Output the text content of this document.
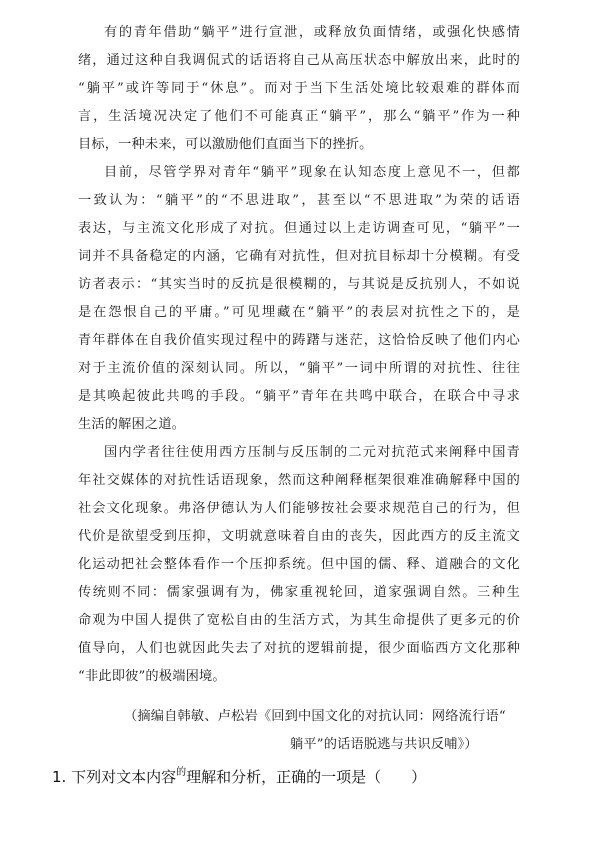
有的青年借助“躺平”进行宣泄，或释放负面情绪，或强化快感情
绪，通过这种自我调侃式的话语将自己从高压状态中解放出来，此时的
“躺平”或许等同于“休息”。而对于当下生活处境比较艰难的群体而
言，生活境况决定了他们不可能真正“躺平”，那么“躺平”作为一种
目标，一种未来，可以激励他们直面当下的挫折。
目前，尽管学界对青年“躺平”现象在认知态度上意见不一，但都
一致认为：“躺平”的“不思进取”，甚至以“不思进取”为荣的话语
表达，与主流文化形成了对抗。但通过以上走访调查可见，“躺平”一
词并不具备稳定的内涵，它确有对抗性，但对抗目标却十分模糊。有受
访者表示：“其实当时的反抗是很模糊的，与其说是反抗别人，不如说
是在怨恨自己的平庸。”可见埋藏在“躺平”的表层对抗性之下的，是
青年群体在自我价值实现过程中的踌躇与迷茫，这恰恰反映了他们内心
对于主流价值的深刻认同。所以，“躺平”一词中所谓的对抗性、往往
是其唤起彼此共鸣的手段。“躺平”青年在共鸣中联合，在联合中寻求
生活的解困之道。
国内学者往往使用西方压制与反压制的二元对抗范式来阐释中国青
年社交媒体的对抗性话语现象，然而这种阐释框架很难准确解释中国的
社会文化现象。弗洛伊德认为人们能够按社会要求规范自己的行为，但
代价是欲望受到压抑，文明就意味着自由的丧失，因此西方的反主流文
化运动把社会整体看作一个压抑系统。但中国的儒、释、道融合的文化
传统则不同：儒家强调有为，佛家重视轮回，道家强调自然。三种生
命观为中国人提供了宽松自由的生活方式，为其生命提供了更多元的价
值导向，人们也就因此失去了对抗的逻辑前提，很少面临西方文化那种
“非此即彼”的极端困境。
（摘编自韩敏、卢松岩《回到中国文化的对抗认同：网络流行语“
躺平”的话语脱逃与共识反哺》）
1. 下列对文本内容$^的$理解和分析，正确的一项是（　　）
